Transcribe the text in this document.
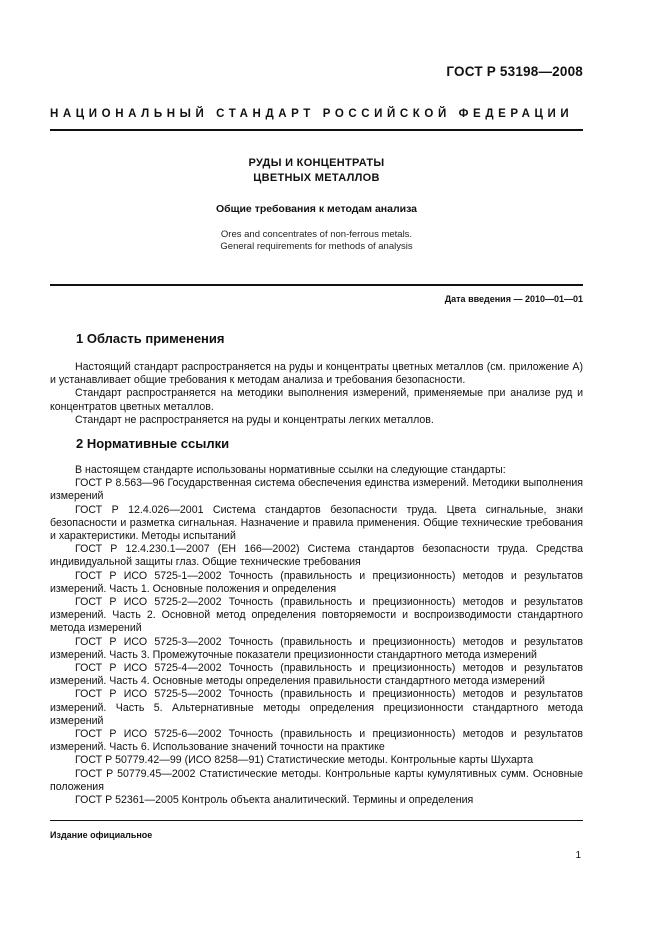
ГОСТ Р 53198—2008
НАЦИОНАЛЬНЫЙ СТАНДАРТ РОССИЙСКОЙ ФЕДЕРАЦИИ
РУДЫ И КОНЦЕНТРАТЫ
ЦВЕТНЫХ МЕТАЛЛОВ
Общие требования к методам анализа
Ores and concentrates of non-ferrous metals.
General requirements for methods of analysis
Дата введения — 2010—01—01
1 Область применения

Настоящий стандарт распространяется на руды и концентраты цветных металлов (см. приложение А) и устанавливает общие требования к методам анализа и требования безопасности.

Стандарт распространяется на методики выполнения измерений, применяемые при анализе руд и концентратов цветных металлов.

Стандарт не распространяется на руды и концентраты легких металлов.

2 Нормативные ссылки

В настоящем стандарте использованы нормативные ссылки на следующие стандарты:

ГОСТ Р 8.563—96 Государственная система обеспечения единства измерений. Методики выполнения измерений

ГОСТ Р 12.4.026—2001 Система стандартов безопасности труда. Цвета сигнальные, знаки безопасности и разметка сигнальная. Назначение и правила применения. Общие технические требования и характеристики. Методы испытаний

ГОСТ Р 12.4.230.1—2007 (ЕН 166—2002) Система стандартов безопасности труда. Средства индивидуальной защиты глаз. Общие технические требования

ГОСТ Р ИСО 5725-1—2002 Точность (правильность и прецизионность) методов и результатов измерений. Часть 1. Основные положения и определения

ГОСТ Р ИСО 5725-2—2002 Точность (правильность и прецизионность) методов и результатов измерений. Часть 2. Основной метод определения повторяемости и воспроизводимости стандартного метода измерений

ГОСТ Р ИСО 5725-3—2002 Точность (правильность и прецизионность) методов и результатов измерений. Часть 3. Промежуточные показатели прецизионности стандартного метода измерений

ГОСТ Р ИСО 5725-4—2002 Точность (правильность и прецизионность) методов и результатов измерений. Часть 4. Основные методы определения правильности стандартного метода измерений

ГОСТ Р ИСО 5725-5—2002 Точность (правильность и прецизионность) методов и результатов измерений. Часть 5. Альтернативные методы определения прецизионности стандартного метода измерений

ГОСТ Р ИСО 5725-6—2002 Точность (правильность и прецизионность) методов и результатов измерений. Часть 6. Использование значений точности на практике

ГОСТ Р 50779.42—99 (ИСО 8258—91) Статистические методы. Контрольные карты Шухарта

ГОСТ Р 50779.45—2002 Статистические методы. Контрольные карты кумулятивных сумм. Основные положения

ГОСТ Р 52361—2005 Контроль объекта аналитический. Термины и определения

Издание официальное
1
